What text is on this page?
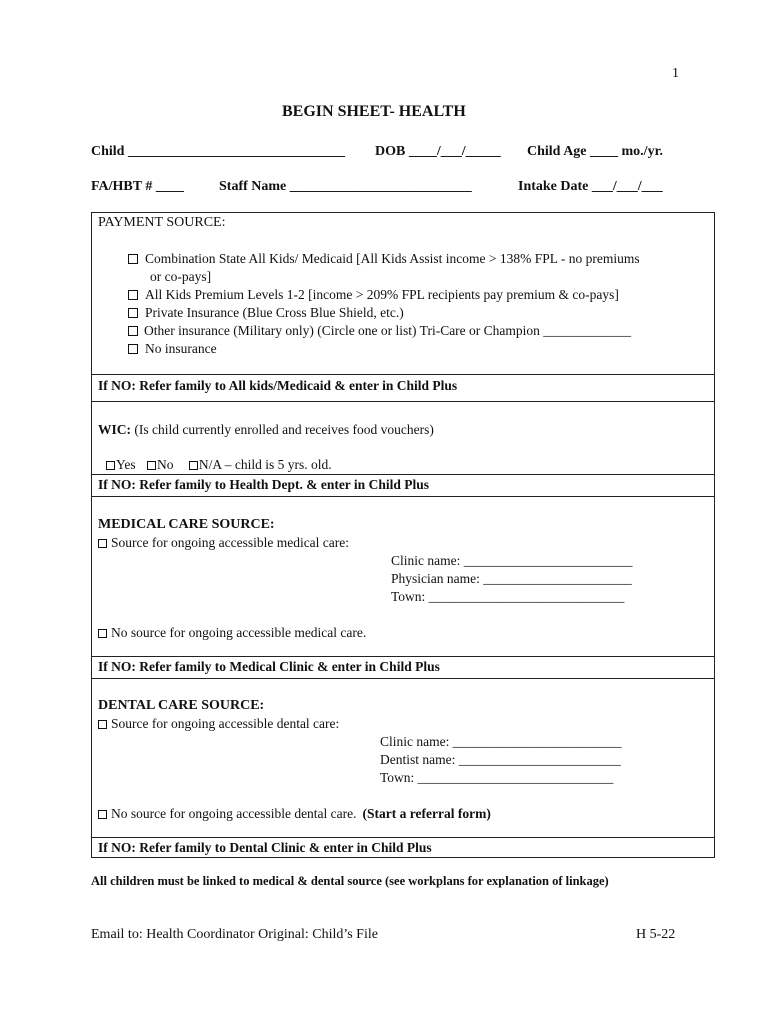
1
BEGIN SHEET- HEALTH
Child _______________________________ DOB ____/___/_____ Child Age ____ mo./yr.
FA/HBT # ____	Staff Name __________________________	Intake Date ___/___/___
PAYMENT SOURCE:
Combination State All Kids/ Medicaid [All Kids Assist income > 138% FPL - no premiums
or co-pays]
All Kids Premium Levels 1-2 [income > 209% FPL recipients pay premium & co-pays]
Private Insurance (Blue Cross Blue Shield, etc.)
Other insurance (Military only) (Circle one or list) Tri-Care or Champion _____________
No insurance
If NO: Refer family to All kids/Medicaid & enter in Child Plus
WIC: (Is child currently enrolled and receives food vouchers)
Yes No N/A – child is 5 yrs. old.
If NO: Refer family to Health Dept. & enter in Child Plus
MEDICAL CARE SOURCE:
Source for ongoing accessible medical care:
Clinic name: _________________________
Physician name: ______________________
Town: _____________________________
No source for ongoing accessible medical care.
If NO: Refer family to Medical Clinic & enter in Child Plus
DENTAL CARE SOURCE:
Source for ongoing accessible dental care:
Clinic name: _________________________
Dentist name: ________________________
Town: _____________________________
No source for ongoing accessible dental care. (Start a referral form)
If NO: Refer family to Dental Clinic & enter in Child Plus
All children must be linked to medical & dental source (see workplans for explanation of linkage)
Email to: Health Coordinator Original: Child’s File	H 5-22
